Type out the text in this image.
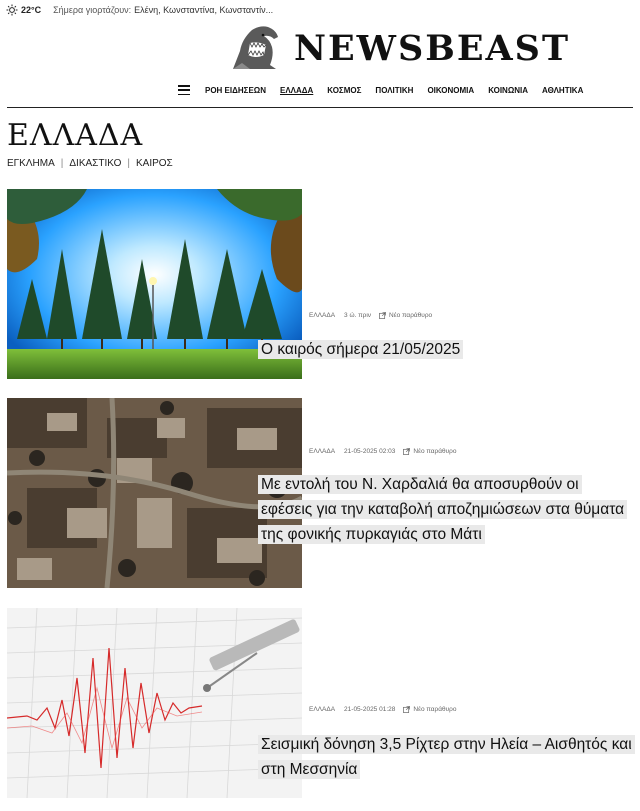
22°C Σήμερα γιορτάζουν: Ελένη, Κωνσταντίνα, Κωνσταντίν...
NEWSBEAST
ΡΟΗ ΕΙΔΗΣΕΩΝ ΕΛΛΑΔΑ ΚΟΣΜΟΣ ΠΟΛΙΤΙΚΗ ΟΙΚΟΝΟΜΙΑ ΚΟΙΝΩΝΙΑ ΑΘΛΗΤΙΚΑ
ΕΛΛΑΔΑ
ΕΓΚΛΗΜΑ | ΔΙΚΑΣΤΙΚΟ | ΚΑΙΡΟΣ
ΕΛΛΑΔΑ 3 ώ. πριν	Νέο παράθυρο
Ο καιρός σήμερα 21/05/2025
ΕΛΛΑΔΑ 21-05-2025 02:03	Νέο παράθυρο
Με εντολή του Ν. Χαρδαλιά θα αποσυρθούν οι εφέσεις για την καταβολή αποζημιώσεων στα θύματα της φονικής πυρκαγιάς στο Μάτι
ΕΛΛΑΔΑ 21-05-2025 01:28	Νέο παράθυρο
Σεισμική δόνηση 3,5 Ρίχτερ στην Ηλεία – Αισθητός και στη Μεσσηνία
